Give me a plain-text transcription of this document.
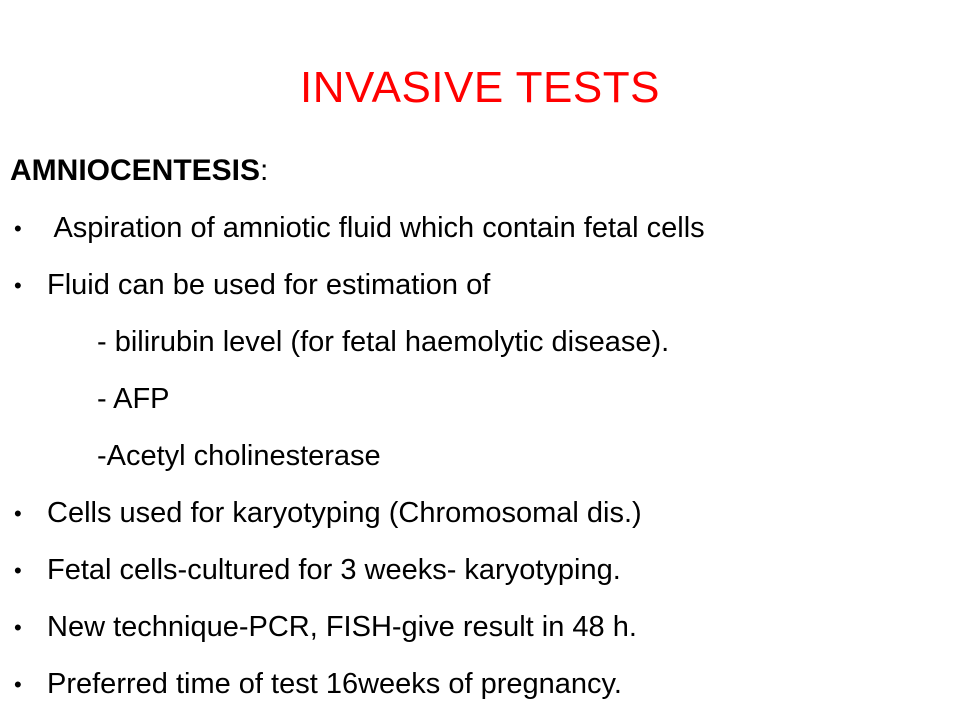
INVASIVE TESTS
AMNIOCENTESIS:
• Aspiration of amniotic fluid which contain fetal cells
• Fluid can be used for estimation of
- bilirubin level (for fetal haemolytic disease).
- AFP
-Acetyl cholinesterase
• Cells used for karyotyping (Chromosomal dis.)
• Fetal cells-cultured for 3 weeks- karyotyping.
• New technique-PCR, FISH-give result in 48 h.
• Preferred time of test 16weeks of pregnancy.
